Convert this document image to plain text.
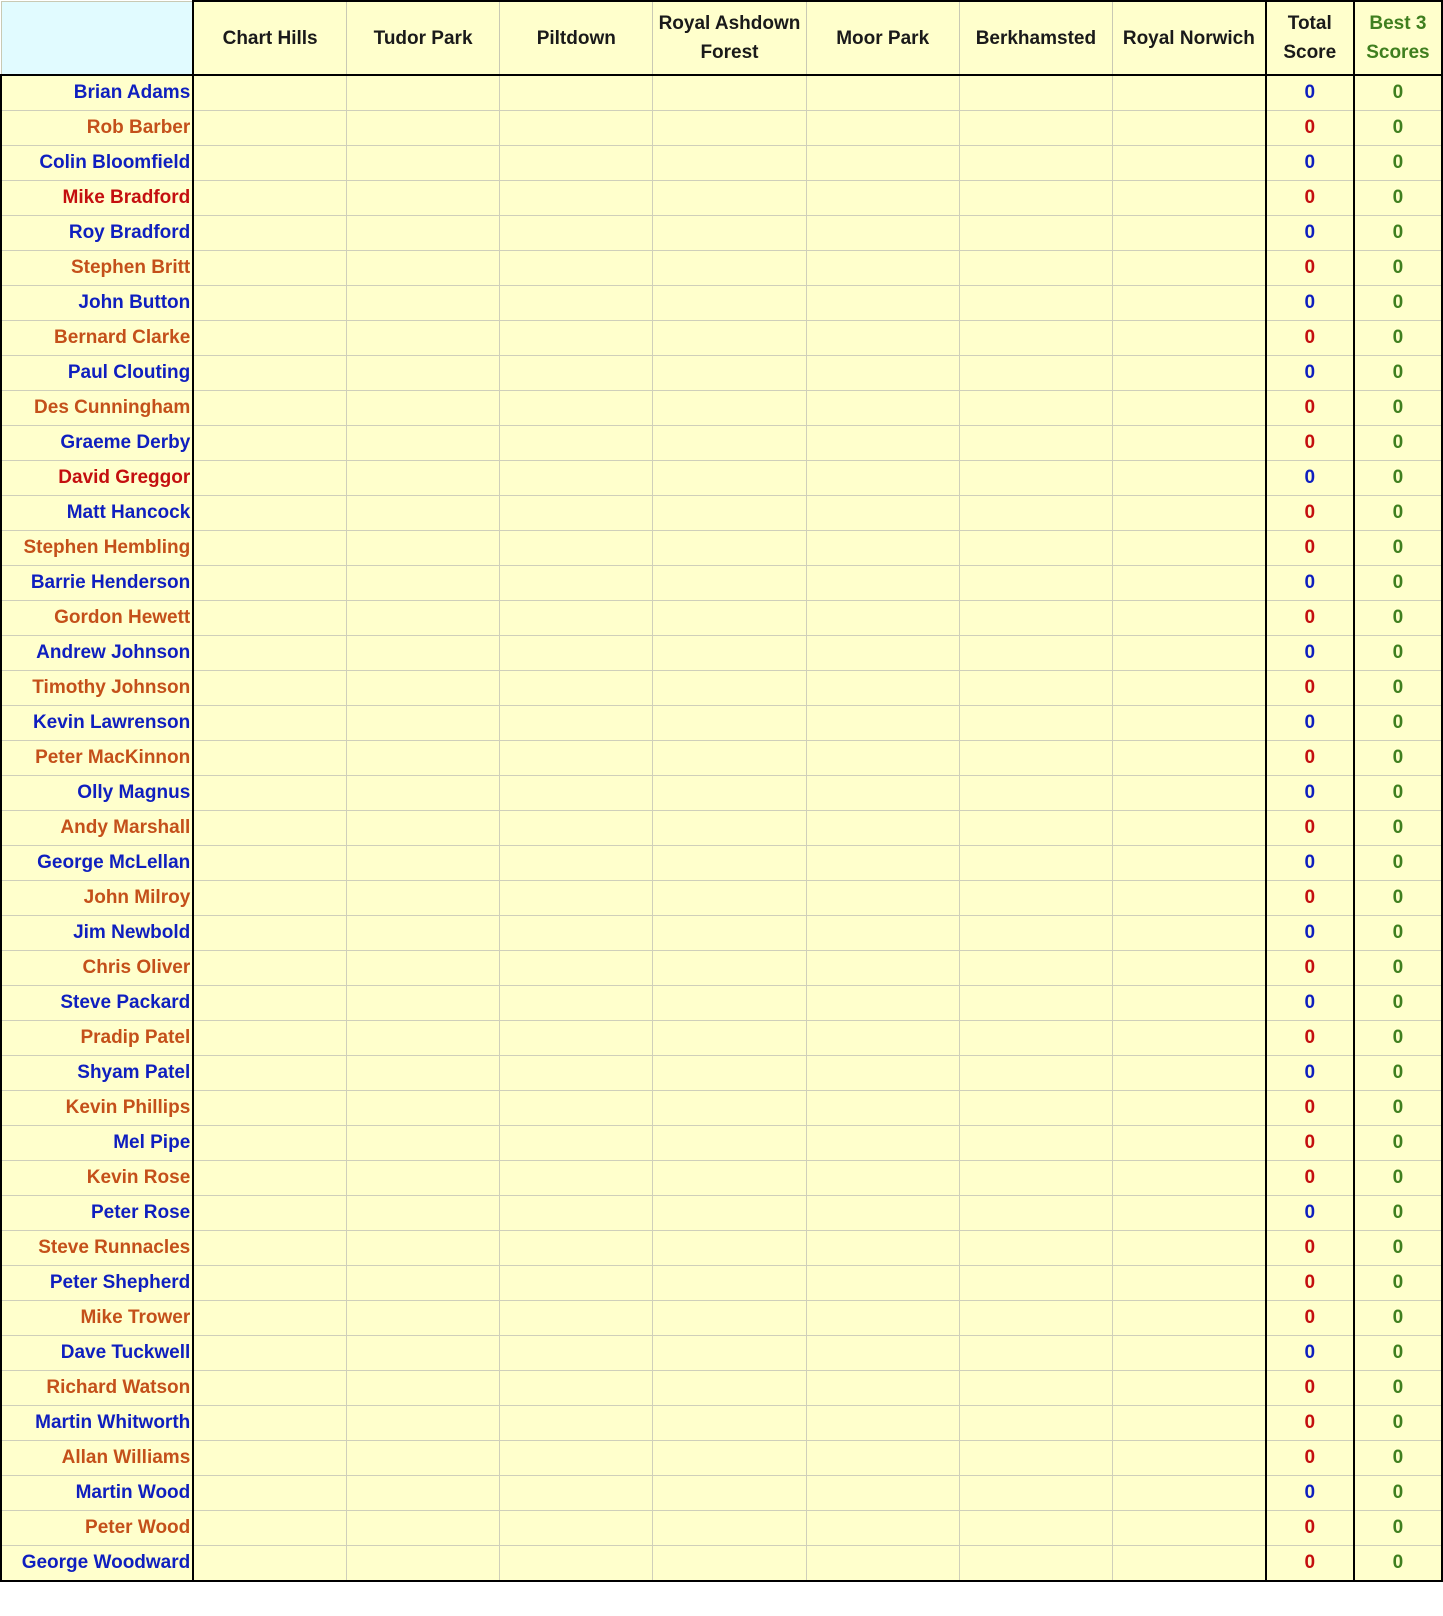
	Chart Hills	Tudor Park	Piltdown	Royal Ashdown Forest	Moor Park	Berkhamsted	Royal Norwich	Total Score	Best 3 Scores
Brian Adams								0	0
Rob Barber								0	0
Colin Bloomfield								0	0
Mike Bradford								0	0
Roy Bradford								0	0
Stephen Britt								0	0
John Button								0	0
Bernard Clarke								0	0
Paul Clouting								0	0
Des Cunningham								0	0
Graeme Derby								0	0
David Greggor								0	0
Matt Hancock								0	0
Stephen Hembling								0	0
Barrie Henderson								0	0
Gordon Hewett								0	0
Andrew Johnson								0	0
Timothy Johnson								0	0
Kevin Lawrenson								0	0
Peter MacKinnon								0	0
Olly Magnus								0	0
Andy Marshall								0	0
George McLellan								0	0
John Milroy								0	0
Jim Newbold								0	0
Chris Oliver								0	0
Steve Packard								0	0
Pradip Patel								0	0
Shyam Patel								0	0
Kevin Phillips								0	0
Mel Pipe								0	0
Kevin Rose								0	0
Peter Rose								0	0
Steve Runnacles								0	0
Peter Shepherd								0	0
Mike Trower								0	0
Dave Tuckwell								0	0
Richard Watson								0	0
Martin Whitworth								0	0
Allan Williams								0	0
Martin Wood								0	0
Peter Wood								0	0
George Woodward								0	0
